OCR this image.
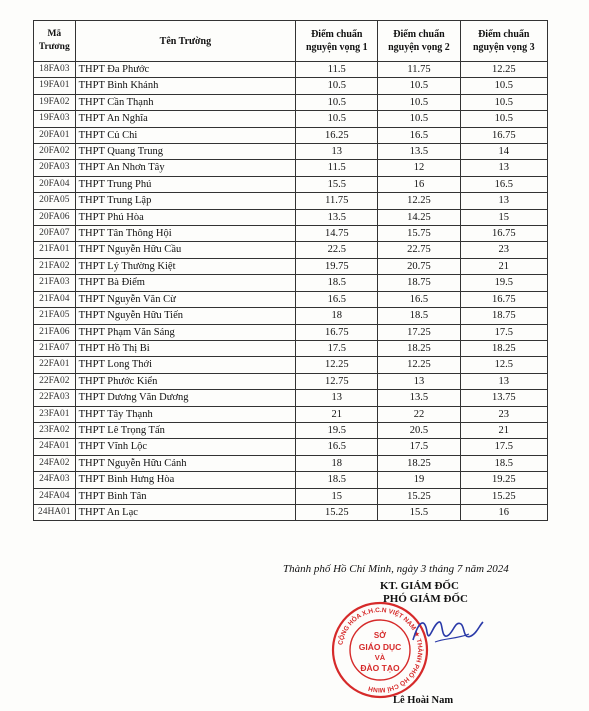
Mã Trương	Tên Trường	Điểm chuẩn nguyện vọng 1	Điểm chuẩn nguyện vọng 2	Điểm chuẩn nguyện vọng 3
18FA03	THPT Đa Phước	11.5	11.75	12.25
19FA01	THPT Bình Khánh	10.5	10.5	10.5
19FA02	THPT Cần Thạnh	10.5	10.5	10.5
19FA03	THPT An Nghĩa	10.5	10.5	10.5
20FA01	THPT Củ Chi	16.25	16.5	16.75
20FA02	THPT Quang Trung	13	13.5	14
20FA03	THPT An Nhơn Tây	11.5	12	13
20FA04	THPT Trung Phú	15.5	16	16.5
20FA05	THPT Trung Lập	11.75	12.25	13
20FA06	THPT Phú Hòa	13.5	14.25	15
20FA07	THPT Tân Thông Hội	14.75	15.75	16.75
21FA01	THPT Nguyễn Hữu Cầu	22.5	22.75	23
21FA02	THPT Lý Thường Kiệt	19.75	20.75	21
21FA03	THPT Bà Điểm	18.5	18.75	19.5
21FA04	THPT Nguyễn Văn Cừ	16.5	16.5	16.75
21FA05	THPT Nguyễn Hữu Tiến	18	18.5	18.75
21FA06	THPT Phạm Văn Sáng	16.75	17.25	17.5
21FA07	THPT Hồ Thị Bi	17.5	18.25	18.25
22FA01	THPT Long Thới	12.25	12.25	12.5
22FA02	THPT Phước Kiển	12.75	13	13
22FA03	THPT Dương Văn Dương	13	13.5	13.75
23FA01	THPT Tây Thạnh	21	22	23
23FA02	THPT Lê Trọng Tấn	19.5	20.5	21
24FA01	THPT Vĩnh Lộc	16.5	17.5	17.5
24FA02	THPT Nguyễn Hữu Cảnh	18	18.25	18.5
24FA03	THPT Bình Hưng Hòa	18.5	19	19.25
24FA04	THPT Bình Tân	15	15.25	15.25
24HA01	THPT An Lạc	15.25	15.5	16
Thành phố Hồ Chí Minh, ngày 3 tháng 7 năm 2024
KT. GIÁM ĐỐC
PHÓ GIÁM ĐỐC
CỘNG HÒA X.H.C.N VIỆT NAM ★ THÀNH PHỐ HỒ CHÍ MINH
SỞ
GIÁO DỤC
VÀ
ĐÀO TẠO
Lê Hoài Nam
